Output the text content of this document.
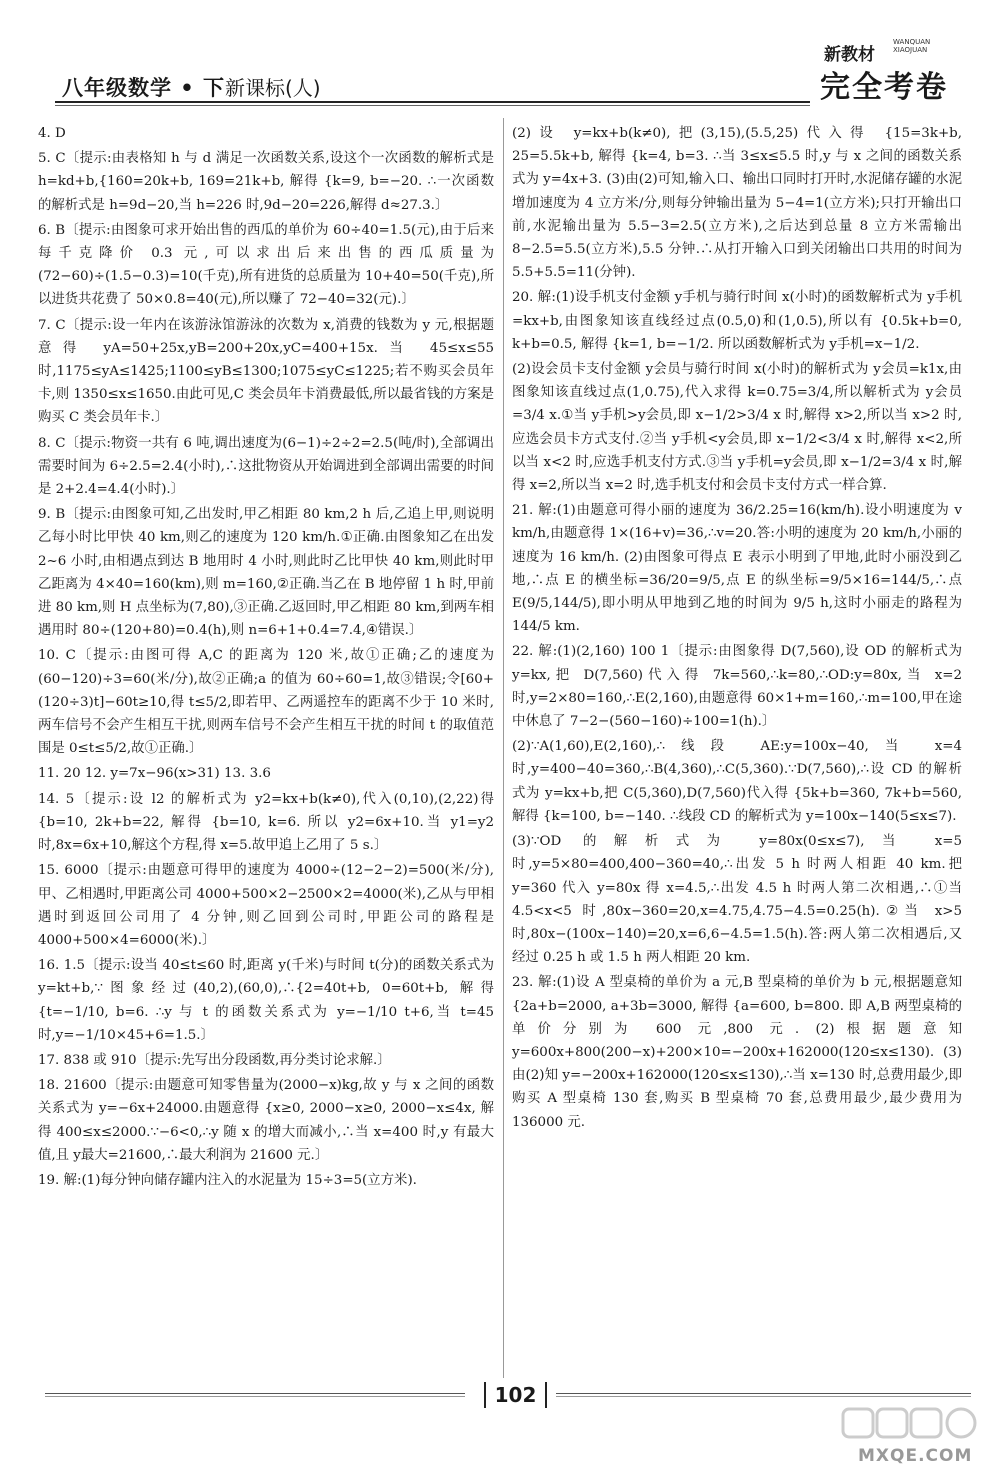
八年级数学 • 下 新课标(人)
新教材
WANQUAN XIAOJUAN
完全考卷

4. D

5. C〔提示:由表格知 h 与 d 满足一次函数关系,设这个一次函数的解析式是 h=kd+b,{160=20k+b, 169=21k+b, 解得 {k=9, b=−20. ∴一次函数的解析式是 h=9d−20,当 h=226 时,9d−20=226,解得 d≈27.3.〕

6. B〔提示:由图象可求开始出售的西瓜的单价为 60÷40=1.5(元),由于后来每千克降价 0.3 元,可以求出后来出售的西瓜质量为(72−60)÷(1.5−0.3)=10(千克),所有进货的总质量为 10+40=50(千克),所以进货共花费了 50×0.8=40(元),所以赚了 72−40=32(元).〕

7. C〔提示:设一年内在该游泳馆游泳的次数为 x,消费的钱数为 y 元,根据题意得 yA=50+25x,yB=200+20x,yC=400+15x.当 45≤x≤55 时,1175≤yA≤1425;1100≤yB≤1300;1075≤yC≤1225;若不购买会员年卡,则 1350≤x≤1650.由此可见,C 类会员年卡消费最低,所以最省钱的方案是购买 C 类会员年卡.〕

8. C〔提示:物资一共有 6 吨,调出速度为(6−1)÷2÷2=2.5(吨/时),全部调出需要时间为 6÷2.5=2.4(小时),∴这批物资从开始调进到全部调出需要的时间是 2+2.4=4.4(小时).〕

9. B〔提示:由图象可知,乙出发时,甲乙相距 80 km,2 h 后,乙追上甲,则说明乙每小时比甲快 40 km,则乙的速度为 120 km/h.①正确.由图象知乙在出发 2~6 小时,由相遇点到达 B 地用时 4 小时,则此时乙比甲快 40 km,则此时甲乙距离为 4×40=160(km),则 m=160,②正确.当乙在 B 地停留 1 h 时,甲前进 80 km,则 H 点坐标为(7,80),③正确.乙返回时,甲乙相距 80 km,到两车相遇用时 80÷(120+80)=0.4(h),则 n=6+1+0.4=7.4,④错误.〕

10. C〔提示:由图可得 A,C 的距离为 120 米,故①正确;乙的速度为(60−120)÷3=60(米/分),故②正确;a 的值为 60÷60=1,故③错误;令[60+(120÷3)t]−60t≥10,得 t≤5/2,即若甲、乙两遥控车的距离不少于 10 米时,两车信号不会产生相互干扰,则两车信号不会产生相互干扰的时间 t 的取值范围是 0≤t≤5/2,故①正确.〕

11. 20 12. y=7x−96(x>31) 13. 3.6

14. 5〔提示:设 l2 的解析式为 y2=kx+b(k≠0),代入(0,10),(2,22)得 {b=10, 2k+b=22, 解得 {b=10, k=6. 所以 y2=6x+10.当 y1=y2 时,8x=6x+10,解这个方程,得 x=5.故甲追上乙用了 5 s.〕

15. 6000〔提示:由题意可得甲的速度为 4000÷(12−2−2)=500(米/分),甲、乙相遇时,甲距离公司 4000+500×2−2500×2=4000(米),乙从与甲相遇时到返回公司用了 4 分钟,则乙回到公司时,甲距公司的路程是 4000+500×4=6000(米).〕

16. 1.5〔提示:设当 40≤t≤60 时,距离 y(千米)与时间 t(分)的函数关系式为 y=kt+b,∵图象经过(40,2),(60,0),∴{2=40t+b, 0=60t+b, 解得 {t=−1/10, b=6. ∴y 与 t 的函数关系式为 y=−1/10 t+6,当 t=45 时,y=−1/10×45+6=1.5.〕

17. 838 或 910〔提示:先写出分段函数,再分类讨论求解.〕

18. 21600〔提示:由题意可知零售量为(2000−x)kg,故 y 与 x 之间的函数关系式为 y=−6x+24000.由题意得 {x≥0, 2000−x≥0, 2000−x≤4x, 解得 400≤x≤2000.∵−6<0,∴y 随 x 的增大而减小,∴当 x=400 时,y 有最大值,且 y最大=21600,∴最大利润为 21600 元.〕

19. 解:(1)每分钟向储存罐内注入的水泥量为 15÷3=5(立方米).

(2)设 y=kx+b(k≠0),把(3,15),(5.5,25)代入得 {15=3k+b, 25=5.5k+b, 解得 {k=4, b=3. ∴当 3≤x≤5.5 时,y 与 x 之间的函数关系式为 y=4x+3. (3)由(2)可知,输入口、输出口同时打开时,水泥储存罐的水泥增加速度为 4 立方米/分,则每分钟输出量为 5−4=1(立方米);只打开输出口前,水泥输出量为 5.5−3=2.5(立方米),之后达到总量 8 立方米需输出 8−2.5=5.5(立方米),5.5 分钟.∴从打开输入口到关闭输出口共用的时间为 5.5+5.5=11(分钟).

20. 解:(1)设手机支付金额 y手机与骑行时间 x(小时)的函数解析式为 y手机=kx+b,由图象知该直线经过点(0.5,0)和(1,0.5),所以有 {0.5k+b=0, k+b=0.5, 解得 {k=1, b=−1/2. 所以函数解析式为 y手机=x−1/2.

(2)设会员卡支付金额 y会员与骑行时间 x(小时)的解析式为 y会员=k1x,由图象知该直线过点(1,0.75),代入求得 k=0.75=3/4,所以解析式为 y会员=3/4 x.①当 y手机>y会员,即 x−1/2>3/4 x 时,解得 x>2,所以当 x>2 时,应选会员卡方式支付.②当 y手机<y会员,即 x−1/2<3/4 x 时,解得 x<2,所以当 x<2 时,应选手机支付方式.③当 y手机=y会员,即 x−1/2=3/4 x 时,解得 x=2,所以当 x=2 时,选手机支付和会员卡支付方式一样合算.

21. 解:(1)由题意可得小丽的速度为 36/2.25=16(km/h).设小明速度为 v km/h,由题意得 1×(16+v)=36,∴v=20.答:小明的速度为 20 km/h,小丽的速度为 16 km/h. (2)由图象可得点 E 表示小明到了甲地,此时小丽没到乙地,∴点 E 的横坐标=36/20=9/5,点 E 的纵坐标=9/5×16=144/5,∴点 E(9/5,144/5),即小明从甲地到乙地的时间为 9/5 h,这时小丽走的路程为 144/5 km.

22. 解:(1)(2,160) 100 1〔提示:由图象得 D(7,560),设 OD 的解析式为 y=kx,把 D(7,560)代入得 7k=560,∴k=80,∴OD:y=80x,当 x=2 时,y=2×80=160,∴E(2,160),由题意得 60×1+m=160,∴m=100,甲在途中休息了 7−2−(560−160)÷100=1(h).〕

(2)∵A(1,60),E(2,160),∴线段 AE:y=100x−40,当 x=4 时,y=400−40=360,∴B(4,360),∴C(5,360).∵D(7,560),∴设 CD 的解析式为 y=kx+b,把 C(5,360),D(7,560)代入得 {5k+b=360, 7k+b=560, 解得 {k=100, b=−140. ∴线段 CD 的解析式为 y=100x−140(5≤x≤7).

(3)∵OD 的解析式为 y=80x(0≤x≤7),当 x=5 时,y=5×80=400,400−360=40,∴出发 5 h 时两人相距 40 km.把 y=360 代入 y=80x 得 x=4.5,∴出发 4.5 h 时两人第二次相遇,∴①当 4.5<x<5 时,80x−360=20,x=4.75,4.75−4.5=0.25(h).②当 x>5 时,80x−(100x−140)=20,x=6,6−4.5=1.5(h).答:两人第二次相遇后,又经过 0.25 h 或 1.5 h 两人相距 20 km.

23. 解:(1)设 A 型桌椅的单价为 a 元,B 型桌椅的单价为 b 元,根据题意知 {2a+b=2000, a+3b=3000, 解得 {a=600, b=800. 即 A,B 两型桌椅的单价分别为 600 元,800 元. (2)根据题意知 y=600x+800(200−x)+200×10=−200x+162000(120≤x≤130). (3)由(2)知 y=−200x+162000(120≤x≤130),∴当 x=130 时,总费用最少,即购买 A 型桌椅 130 套,购买 B 型桌椅 70 套,总费用最少,最少费用为 136000 元.

102
MXQE.COM
